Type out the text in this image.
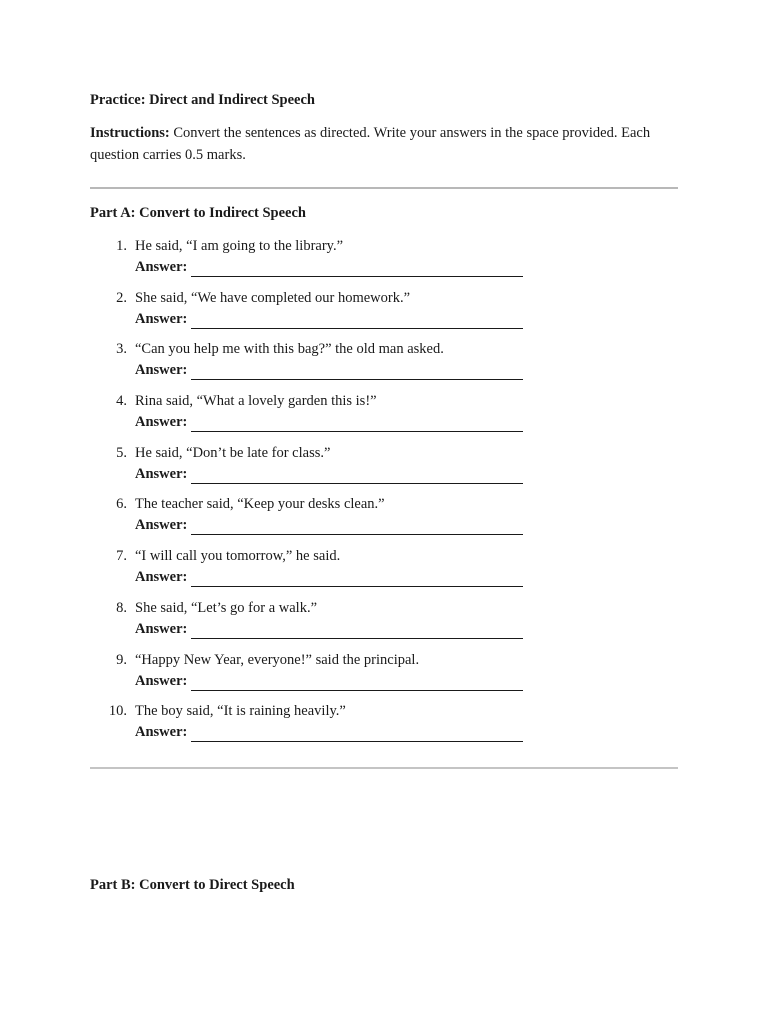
Practice: Direct and Indirect Speech
Instructions: Convert the sentences as directed. Write your answers in the space provided. Each question carries 0.5 marks.
Part A: Convert to Indirect Speech
1. He said, “I am going to the library.”
Answer:
2. She said, “We have completed our homework.”
Answer:
3. “Can you help me with this bag?” the old man asked.
Answer:
4. Rina said, “What a lovely garden this is!”
Answer:
5. He said, “Don’t be late for class.”
Answer:
6. The teacher said, “Keep your desks clean.”
Answer:
7. “I will call you tomorrow,” he said.
Answer:
8. She said, “Let’s go for a walk.”
Answer:
9. “Happy New Year, everyone!” said the principal.
Answer:
10. The boy said, “It is raining heavily.”
Answer:
Part B: Convert to Direct Speech
